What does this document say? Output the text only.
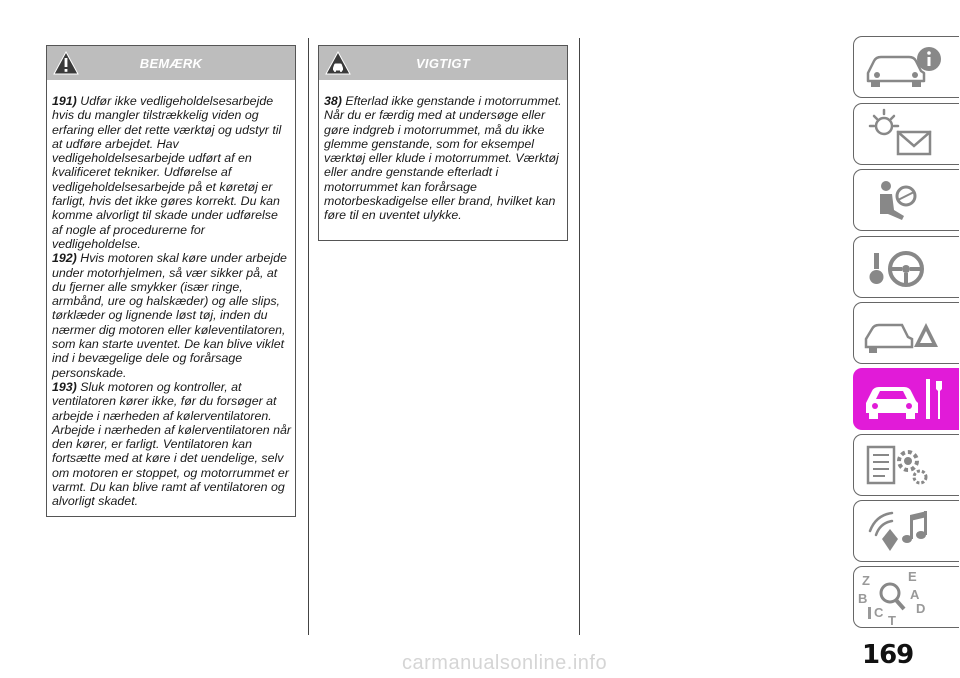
BEMÆRK

191) Udfør ikke vedligeholdelsesarbejde hvis du mangler tilstrækkelig viden og erfaring eller det rette værktøj og udstyr til at udføre arbejdet. Hav vedligeholdelsesarbejde udført af en kvalificeret tekniker. Udførelse af vedligeholdelsesarbejde på et køretøj er farligt, hvis det ikke gøres korrekt. Du kan komme alvorligt til skade under udførelse af nogle af procedurerne for vedligeholdelse.

192) Hvis motoren skal køre under arbejde under motorhjelmen, så vær sikker på, at du fjerner alle smykker (især ringe, armbånd, ure og halskæder) og alle slips, tørklæder og lignende løst tøj, inden du nærmer dig motoren eller køleventilatoren, som kan starte uventet. De kan blive viklet ind i bevægelige dele og forårsage personskade.

193) Sluk motoren og kontroller, at ventilatoren kører ikke, før du forsøger at arbejde i nærheden af kølerventilatoren. Arbejde i nærheden af kølerventilatoren når den kører, er farligt. Ventilatoren kan fortsætte med at køre i det uendelige, selv om motoren er stoppet, og motorrummet er varmt. Du kan blive ramt af ventilatoren og alvorligt skadet.

VIGTIGT

38) Efterlad ikke genstande i motorrummet. Når du er færdig med at undersøge eller gøre indgreb i motorrummet, må du ikke glemme genstande, som for eksempel værktøj eller klude i motorrummet. Værktøj eller andre genstande efterladt i motorrummet kan forårsage motorbeskadigelse eller brand, hvilket kan føre til en uventet ulykke.

Z	E
B	A
C	D
T
169
carmanualsonline.info
